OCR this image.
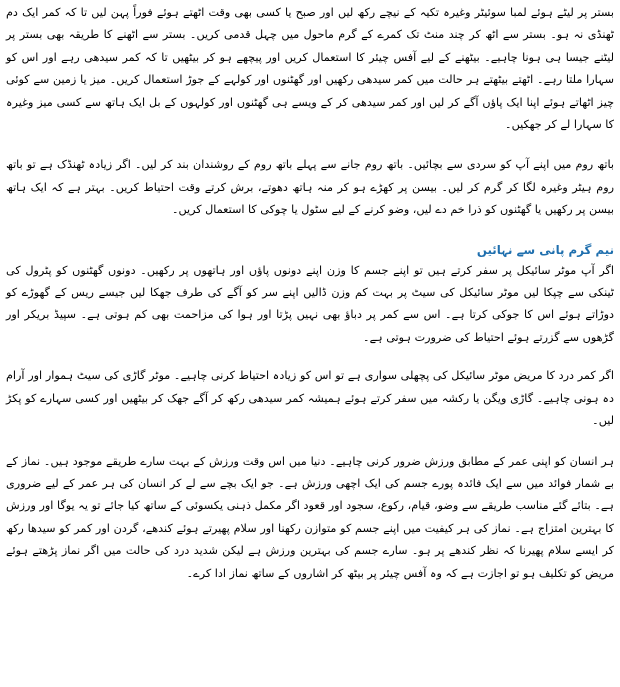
بستر پر لیٹے ہوئے لمبا سوئیٹر وغیرہ تکیہ کے نیچے رکھ لیں اور صبح یا کسی بھی وقت اٹھتے ہوئے فوراً پہن لیں تا کہ کمر ایک دم ٹھنڈی نہ ہو۔ بستر سے اٹھ کر چند منٹ تک کمرے کے گرم ماحول میں چہل قدمی کریں۔ بستر سے اٹھنے کا طریقہ بھی بستر پر لیٹنے جیسا ہی ہونا چاہیے۔ بیٹھنے کے لیے آفس چیئر کا استعمال کریں اور پیچھے ہو کر بیٹھیں تا کہ کمر سیدھی رہے اور اس کو سہارا ملتا رہے۔ اٹھتے بیٹھتے ہر حالت میں کمر سیدھی رکھیں اور گھٹنوں اور کولہے کے جوڑ استعمال کریں۔ میز یا زمین سے کوئی چیز اٹھاتے ہوئے اپنا ایک پاؤں آگے کر لیں اور کمر سیدھی کر کے ویسے ہی گھٹنوں اور کولہوں کے بل ایک ہاتھ سے کسی میز وغیرہ کا سہارا لے کر جھکیں۔

باتھ روم میں اپنے آپ کو سردی سے بچائیں۔ باتھ روم جانے سے پہلے باتھ روم کے روشندان بند کر لیں۔ اگر زیادہ ٹھنڈک ہے تو باتھ روم ہیٹر وغیرہ لگا کر گرم کر لیں۔ بیسن پر کھڑے ہو کر منہ ہاتھ دھوتے، برش کرتے وقت احتیاط کریں۔ بہتر ہے کہ ایک ہاتھ بیسن پر رکھیں یا گھٹنوں کو ذرا خم دے لیں، وضو کرنے کے لیے سٹول یا چوکی کا استعمال کریں۔

نیم گرم پانی سے نہائیں

اگر آپ موٹر سائیکل پر سفر کرتے ہیں تو اپنے جسم کا وزن اپنے دونوں پاؤں اور ہاتھوں پر رکھیں۔ دونوں گھٹنوں کو پٹرول کی ٹینکی سے چپکا لیں موٹر سائیکل کی سیٹ پر بہت کم وزن ڈالیں اپنے سر کو آگے کی طرف جھکا لیں جیسے ریس کے گھوڑے کو دوڑاتے ہوئے اس کا جوکی کرتا ہے۔ اس سے کمر پر دباؤ بھی نہیں پڑتا اور ہوا کی مزاحمت بھی کم ہوتی ہے۔ سپیڈ بریکر اور گڑھوں سے گزرتے ہوئے احتیاط کی ضرورت ہوتی ہے۔

اگر کمر درد کا مریض موٹر سائیکل کی پچھلی سواری ہے تو اس کو زیادہ احتیاط کرنی چاہیے۔ موٹر گاڑی کی سیٹ ہموار اور آرام دہ ہونی چاہیے۔ گاڑی ویگن یا رکشہ میں سفر کرتے ہوئے ہمیشہ کمر سیدھی رکھ کر آگے جھک کر بیٹھیں اور کسی سہارے کو پکڑ لیں۔

ہر انسان کو اپنی عمر کے مطابق ورزش ضرور کرنی چاہیے۔ دنیا میں اس وقت ورزش کے بہت سارے طریقے موجود ہیں۔ نماز کے بے شمار فوائد میں سے ایک فائدہ پورے جسم کی ایک اچھی ورزش ہے۔ جو ایک بچے سے لے کر انسان کی ہر عمر کے لیے ضروری ہے۔ بتائے گئے مناسب طریقے سے وضو، قیام، رکوع، سجود اور قعود اگر مکمل ذہنی یکسوئی کے ساتھ کیا جائے تو یہ یوگا اور ورزش کا بہترین امتزاج ہے۔ نماز کی ہر کیفیت میں اپنے جسم کو متوازن رکھنا اور سلام پھیرتے ہوئے کندھے، گردن اور کمر کو سیدھا رکھ کر ایسے سلام پھیرنا کہ نظر کندھے پر ہو۔ سارے جسم کی بہترین ورزش ہے لیکن شدید درد کی حالت میں اگر نماز پڑھتے ہوئے مریض کو تکلیف ہو تو اجازت ہے کہ وہ آفس چیئر پر بیٹھ کر اشاروں کے ساتھ نماز ادا کرے۔
